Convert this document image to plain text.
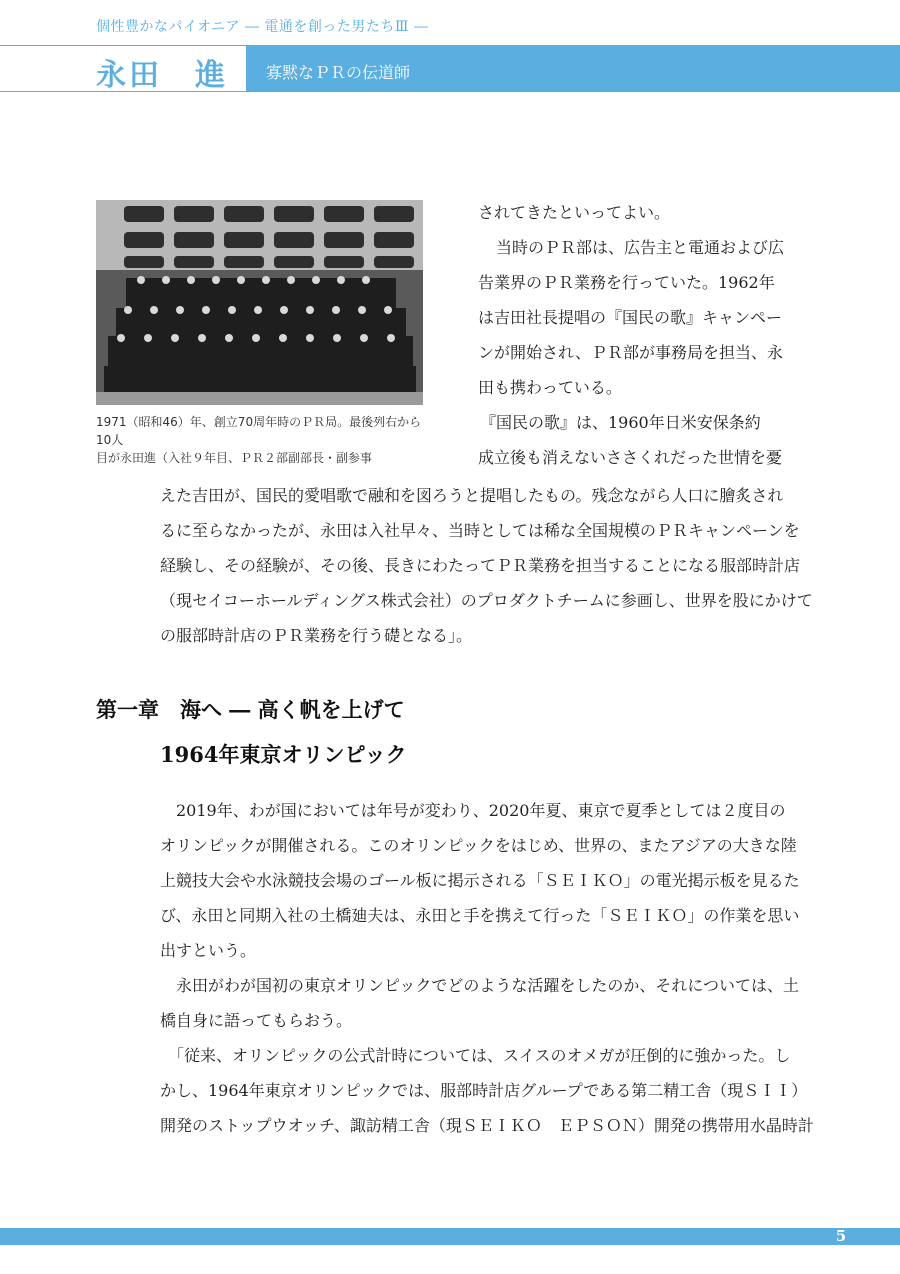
個性豊かなパイオニア ― 電通を創った男たちⅢ ―
永田　進 寡黙なＰＲの伝道師
1971（昭和46）年、創立70周年時のＰＲ局。最後列右から10人
目が永田進（入社９年目、ＰＲ２部副部長・副参事
されてきたといってよい。
当時のＰＲ部は、広告主と電通および広
告業界のＰＲ業務を行っていた。1962年
は吉田社長提唱の『国民の歌』キャンペー
ンが開始され、ＰＲ部が事務局を担当、永
田も携わっている。
『国民の歌』は、1960年日米安保条約
成立後も消えないささくれだった世情を憂
えた吉田が、国民的愛唱歌で融和を図ろうと提唱したもの。残念ながら人口に膾炙され
るに至らなかったが、永田は入社早々、当時としては稀な全国規模のＰＲキャンペーンを
経験し、その経験が、その後、長きにわたってＰＲ業務を担当することになる服部時計店
（現セイコーホールディングス株式会社）のプロダクトチームに参画し、世界を股にかけて
の服部時計店のＰＲ業務を行う礎となる」。
第一章　海へ ― 高く帆を上げて
1964年東京オリンピック
2019年、わが国においては年号が変わり、2020年夏、東京で夏季としては２度目の
オリンピックが開催される。このオリンピックをはじめ、世界の、またアジアの大きな陸
上競技大会や水泳競技会場のゴール板に掲示される「ＳＥＩＫＯ」の電光掲示板を見るた
び、永田と同期入社の土橋廸夫は、永田と手を携えて行った「ＳＥＩＫＯ」の作業を思い
出すという。
永田がわが国初の東京オリンピックでどのような活躍をしたのか、それについては、土
橋自身に語ってもらおう。
「従来、オリンピックの公式計時については、スイスのオメガが圧倒的に強かった。し
かし、1964年東京オリンピックでは、服部時計店グループである第二精工舎（現ＳＩＩ）
開発のストップウオッチ、諏訪精工舎（現ＳＥＩＫＯ　ＥＰＳＯＮ）開発の携帯用水晶時計
5
